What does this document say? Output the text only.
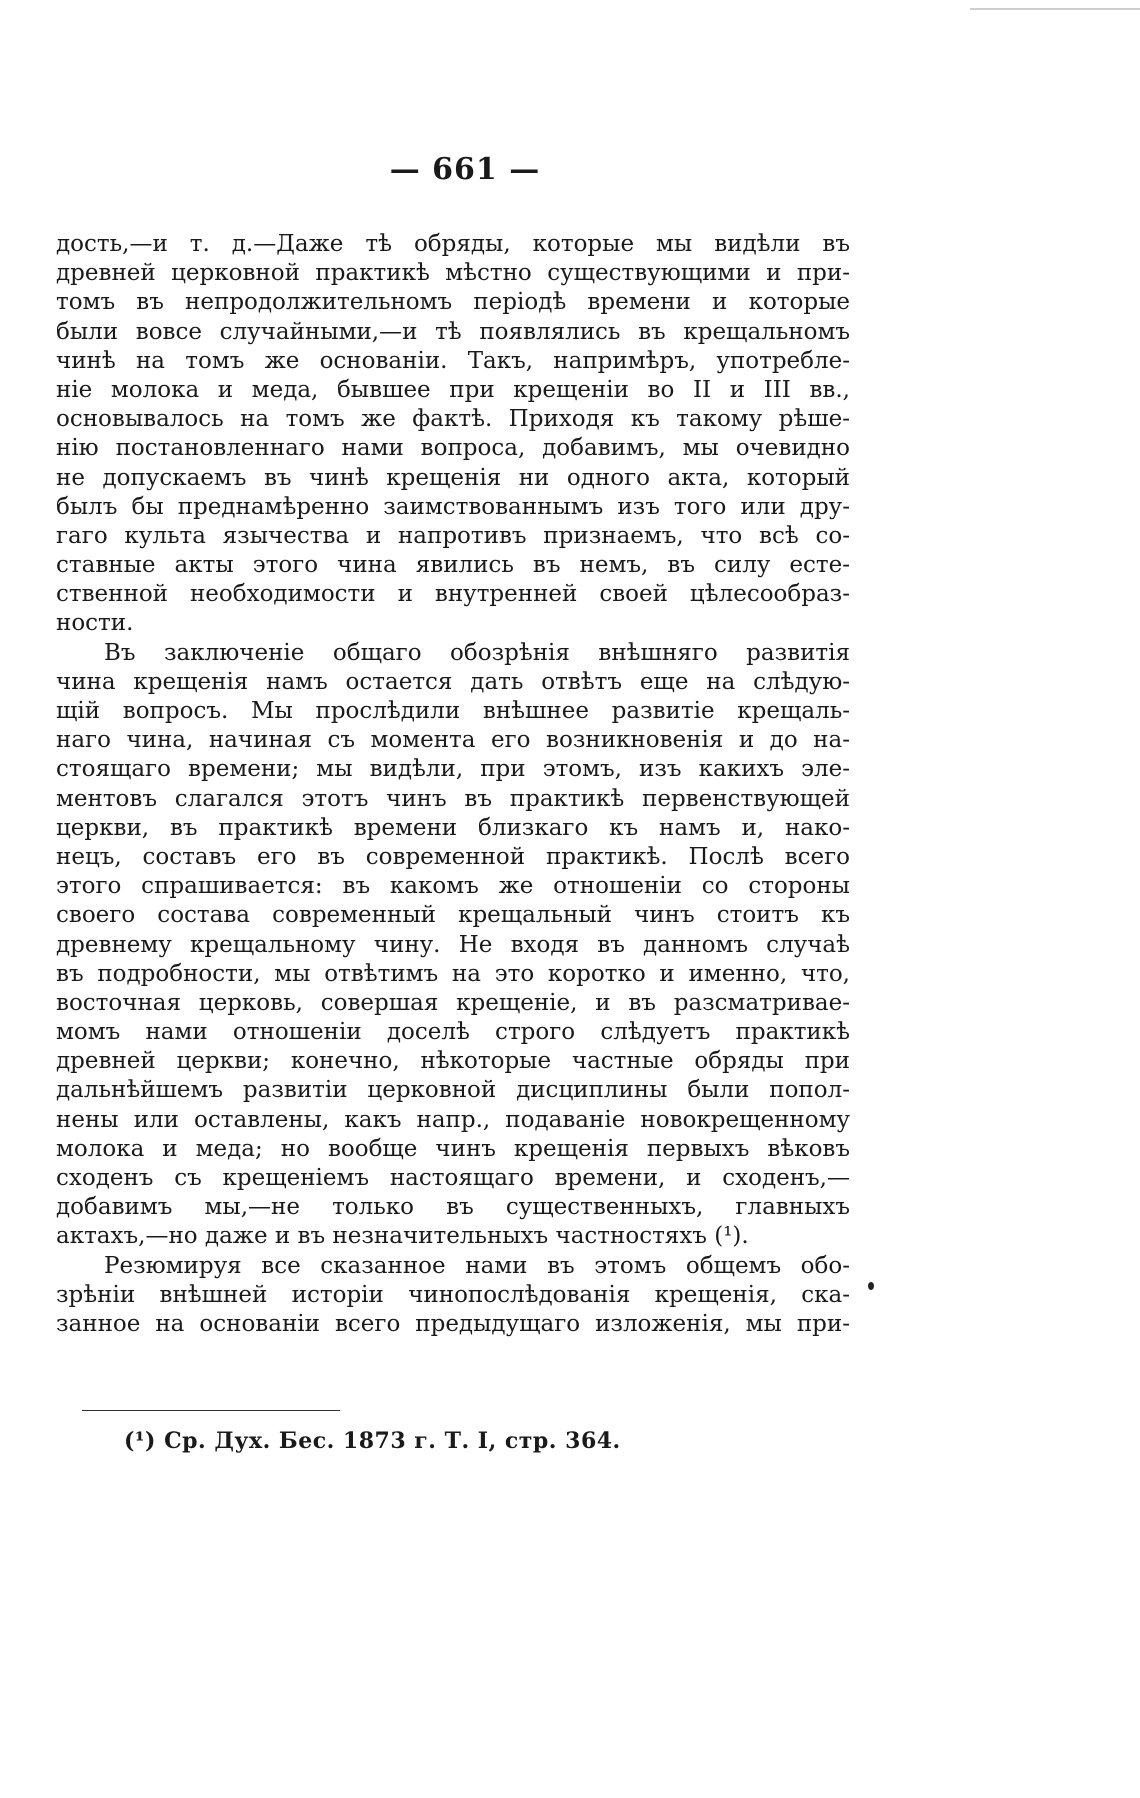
— 661 —
дость,—и т. д.—Даже тѣ обряды, которые мы видѣли въ
древней церковной практикѣ мѣстно существующими и при-
томъ въ непродолжительномъ періодѣ времени и которые
были вовсе случайными,—и тѣ появлялись въ крещальномъ
чинѣ на томъ же основаніи. Такъ, напримѣръ, употребле-
ніе молока и меда, бывшее при крещеніи во II и III вв.,
основывалось на томъ же фактѣ. Приходя къ такому рѣше-
нію постановленнаго нами вопроса, добавимъ, мы очевидно
не допускаемъ въ чинѣ крещенія ни одного акта, который
былъ бы преднамѣренно заимствованнымъ изъ того или дру-
гаго культа язычества и напротивъ признаемъ, что всѣ со-
ставные акты этого чина явились въ немъ, въ силу есте-
ственной необходимости и внутренней своей цѣлесообраз-
ности.
Въ заключеніе общаго обозрѣнія внѣшняго развитія
чина крещенія намъ остается дать отвѣтъ еще на слѣдую-
щій вопросъ. Мы прослѣдили внѣшнее развитіе крещаль-
наго чина, начиная съ момента его возникновенія и до на-
стоящаго времени; мы видѣли, при этомъ, изъ какихъ эле-
ментовъ слагался этотъ чинъ въ практикѣ первенствующей
церкви, въ практикѣ времени близкаго къ намъ и, нако-
нецъ, составъ его въ современной практикѣ. Послѣ всего
этого спрашивается: въ какомъ же отношеніи со стороны
своего состава современный крещальный чинъ стоитъ къ
древнему крещальному чину. Не входя въ данномъ случаѣ
въ подробности, мы отвѣтимъ на это коротко и именно, что,
восточная церковь, совершая крещеніе, и въ разсматривае-
момъ нами отношеніи доселѣ строго слѣдуетъ практикѣ
древней церкви; конечно, нѣкоторые частные обряды при
дальнѣйшемъ развитіи церковной дисциплины были попол-
нены или оставлены, какъ напр., подаваніе новокрещенному
молока и меда; но вообще чинъ крещенія первыхъ вѣковъ
сходенъ съ крещеніемъ настоящаго времени, и сходенъ,—
добавимъ мы,—не только въ существенныхъ, главныхъ
актахъ,—но даже и въ незначительныхъ частностяхъ (¹).
Резюмируя все сказанное нами въ этомъ общемъ обо-
зрѣніи внѣшней исторіи чинопослѣдованія крещенія, ска-
занное на основаніи всего предыдущаго изложенія, мы при-
(¹) Ср. Дух. Бес. 1873 г. Т. I, стр. 364.
